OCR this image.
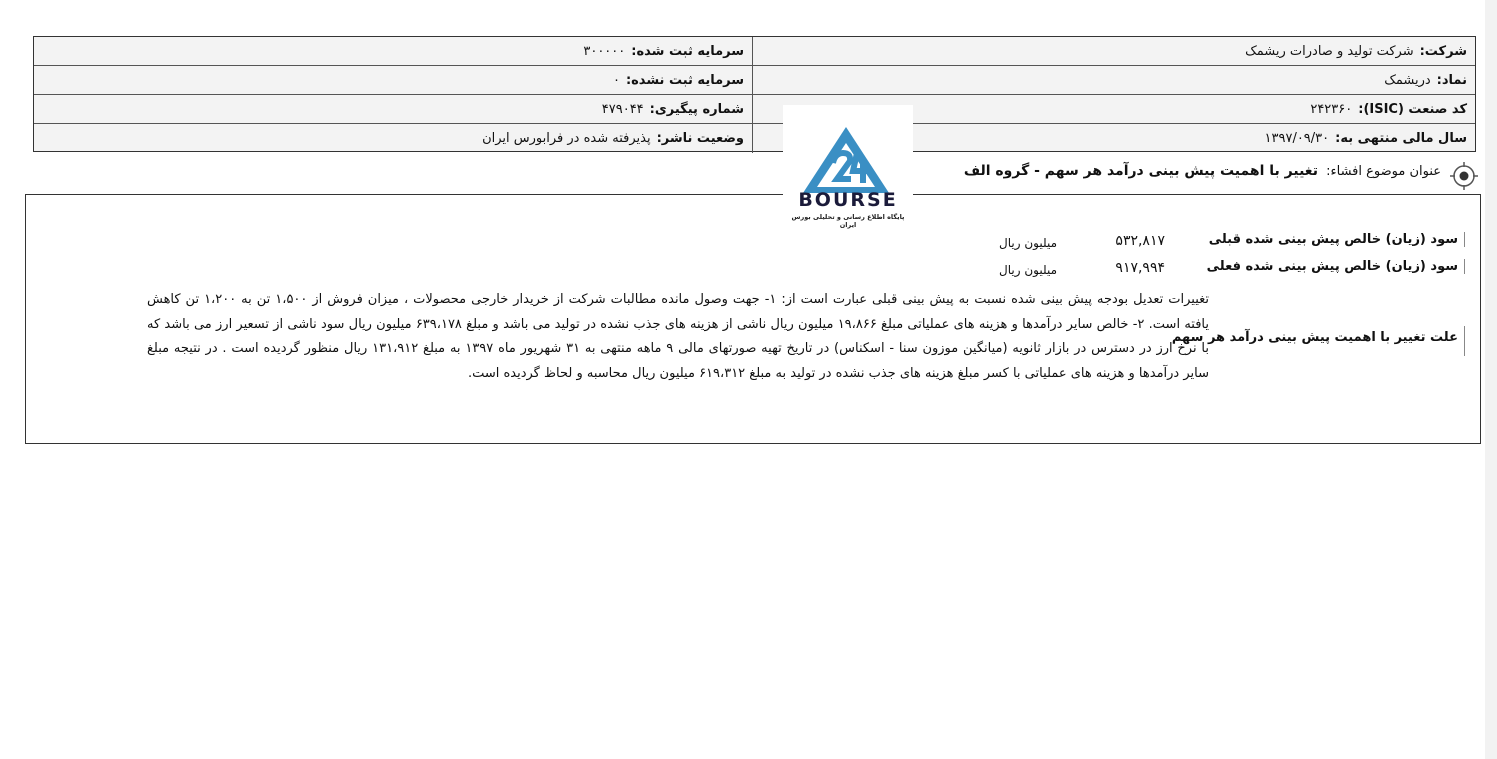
شرکت:
شرکت تولید و صادرات ریشمک
سرمایه ثبت شده:
۳۰۰۰۰۰
نماد:
دریشمک
سرمایه ثبت نشده:
۰
کد صنعت (ISIC):
۲۴۲۳۶۰
شماره پیگیری:
۴۷۹۰۴۴
سال مالی منتهی به:
۱۳۹۷/۰۹/۳۰
وضعیت ناشر:
پذیرفته شده در فرابورس ایران
BOURSE
پایگاه اطلاع رسانی و تحلیلی بورس ایران
عنوان موضوع افشاء: تغییر با اهمیت پیش بینی درآمد هر سهم - گروه الف
سود (زیان) خالص پیش بینی شده قبلی
۵۳۲,۸۱۷
میلیون ریال
سود (زیان) خالص پیش بینی شده فعلی
۹۱۷,۹۹۴
میلیون ریال
علت تغییر با اهمیت پیش بینی درآمد هر سهم
تغییرات تعدیل بودجه پیش بینی شده نسبت به پیش بینی قبلی عبارت است از: ۱- جهت وصول مانده مطالبات شرکت از خریدار خارجی محصولات ، میزان فروش از ۱،۵۰۰ تن به ۱،۲۰۰ تن کاهش یافته است. ۲- خالص سایر درآمدها و هزینه های عملیاتی مبلغ ۱۹،۸۶۶ میلیون ریال ناشی از هزینه های جذب نشده در تولید می باشد و مبلغ ۶۳۹،۱۷۸ میلیون ریال سود ناشی از تسعیر ارز می باشد که با نرخ ارز در دسترس در بازار ثانویه (میانگین موزون سنا - اسکناس) در تاریخ تهیه صورتهای مالی ۹ ماهه منتهی به ۳۱ شهریور ماه ۱۳۹۷ به مبلغ ۱۳۱،۹۱۲ ریال منظور گردیده است . در نتیجه مبلغ سایر درآمدها و هزینه های عملیاتی با کسر مبلغ هزینه های جذب نشده در تولید به مبلغ ۶۱۹،۳۱۲ میلیون ریال محاسبه و لحاظ گردیده است.
